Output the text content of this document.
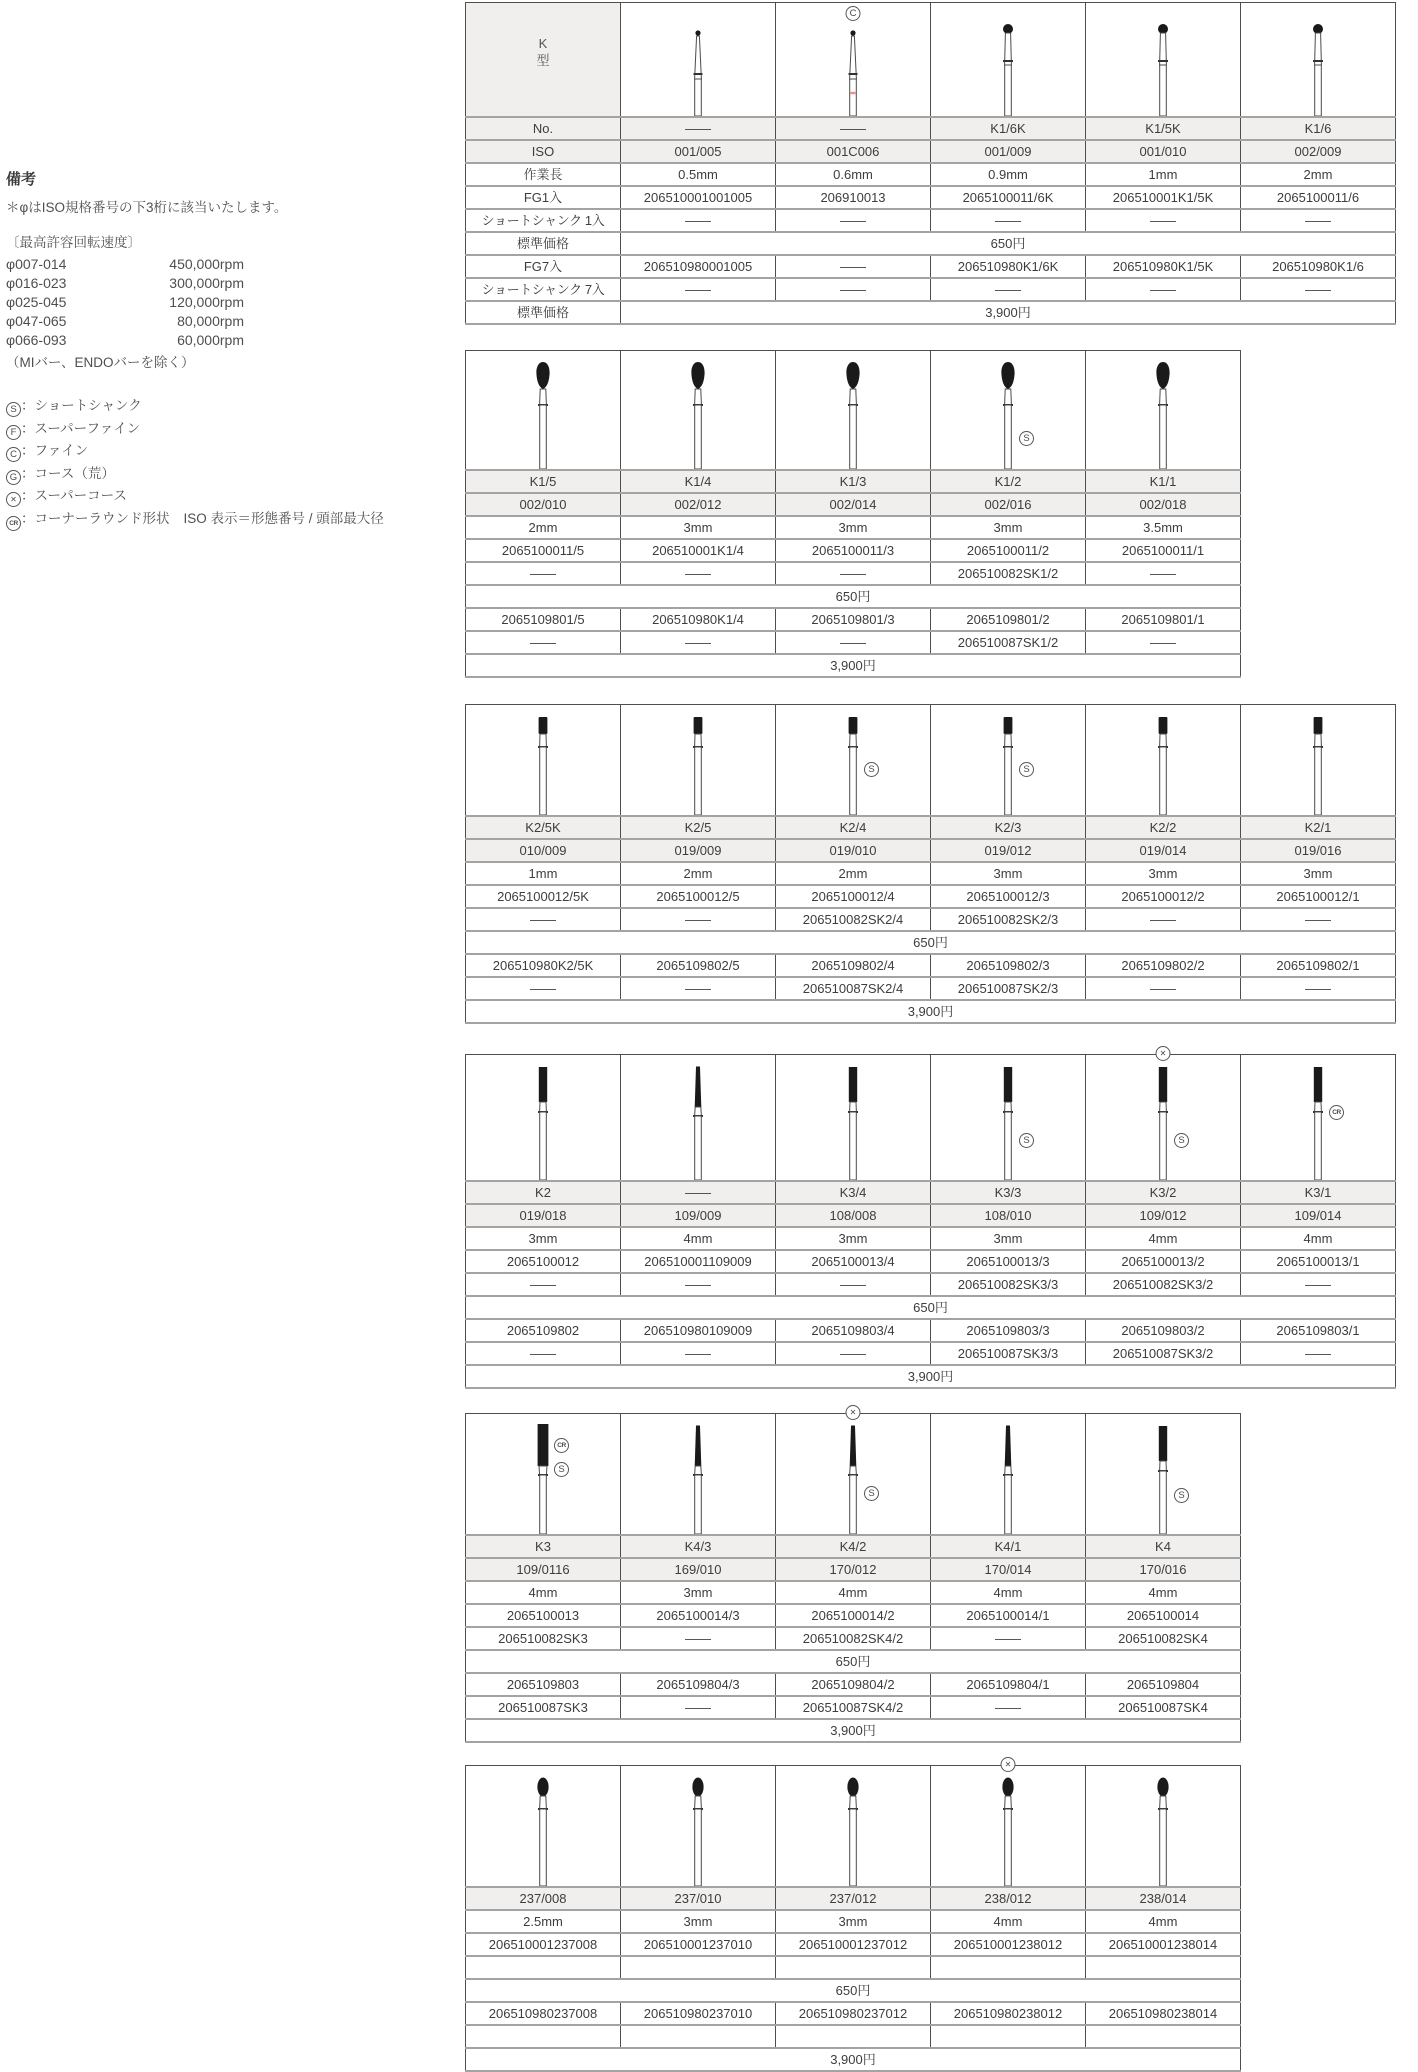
備考
＊φはISO規格番号の下3桁に該当いたします。
〔最高許容回転速度〕
φ007-014	450,000rpm
φ016-023	300,000rpm
φ025-045	120,000rpm
φ047-065	80,000rpm
φ066-093	60,000rpm
（MIバー、ENDOバーを除く）
S ：ショートシャンク
F ：スーパーファイン
C ：ファイン
G ：コース（荒）
✕ ：スーパーコース
CR ：コーナーラウンド形状 ISO 表示＝形態番号 / 頭部最大径
K
型		C

No.	——	——	K1/6K	K1/5K	K1/6
ISO	001/005	001C006	001/009	001/010	002/009
作業長	0.5mm	0.6mm	0.9mm	1mm	2mm
FG1入	206510001001005	206910013	2065100011/6K	206510001K1/5K	2065100011/6
ショートシャンク 1入	——	——	——	——	——
標準価格	650円				
FG7入	206510980001005	——	206510980K1/6K	206510980K1/5K	206510980K1/6
ショートシャンク 7入	——	——	——	——	——
標準価格	3,900円				

S

K1/5	K1/4	K1/3	K1/2	K1/1
002/010	002/012	002/014	002/016	002/018
2mm	3mm	3mm	3mm	3.5mm
2065100011/5	206510001K1/4	2065100011/3	2065100011/2	2065100011/1
——	——	——	206510082SK1/2	——
650円				
2065109801/5	206510980K1/4	2065109801/3	2065109801/2	2065109801/1
——	——	——	206510087SK1/2	——
3,900円				

S	S

K2/5K	K2/5	K2/4	K2/3	K2/2	K2/1
010/009	019/009	019/010	019/012	019/014	019/016
1mm	2mm	2mm	3mm	3mm	3mm
2065100012/5K	2065100012/5	2065100012/4	2065100012/3	2065100012/2	2065100012/1
——	——	206510082SK2/4	206510082SK2/3	——	——
650円					
206510980K2/5K	2065109802/5	2065109802/4	2065109802/3	2065109802/2	2065109802/1
——	——	206510087SK2/4	206510087SK2/3	——	——
3,900円					

S	✕
S	CR

K2	——	K3/4	K3/3	K3/2	K3/1
019/018	109/009	108/008	108/010	109/012	109/014
3mm	4mm	3mm	3mm	4mm	4mm
2065100012	206510001109009	2065100013/4	2065100013/3	2065100013/2	2065100013/1
——	——	——	206510082SK3/3	206510082SK3/2	——
650円					
2065109802	206510980109009	2065109803/4	2065109803/3	2065109803/2	2065109803/1
——	——	——	206510087SK3/3	206510087SK3/2	——
3,900円					
CR
S		✕
S		S

K3	K4/3	K4/2	K4/1	K4
109/0116	169/010	170/012	170/014	170/016
4mm	3mm	4mm	4mm	4mm
2065100013	2065100014/3	2065100014/2	2065100014/1	2065100014
206510082SK3	——	206510082SK4/2	——	206510082SK4
650円				
2065109803	2065109804/3	2065109804/2	2065109804/1	2065109804
206510087SK3	——	206510087SK4/2	——	206510087SK4
3,900円				

✕

237/008	237/010	237/012	238/012	238/014
2.5mm	3mm	3mm	4mm	4mm
206510001237008	206510001237010	206510001237012	206510001238012	206510001238014

650円				
206510980237008	206510980237010	206510980237012	206510980238012	206510980238014

3,900円				
